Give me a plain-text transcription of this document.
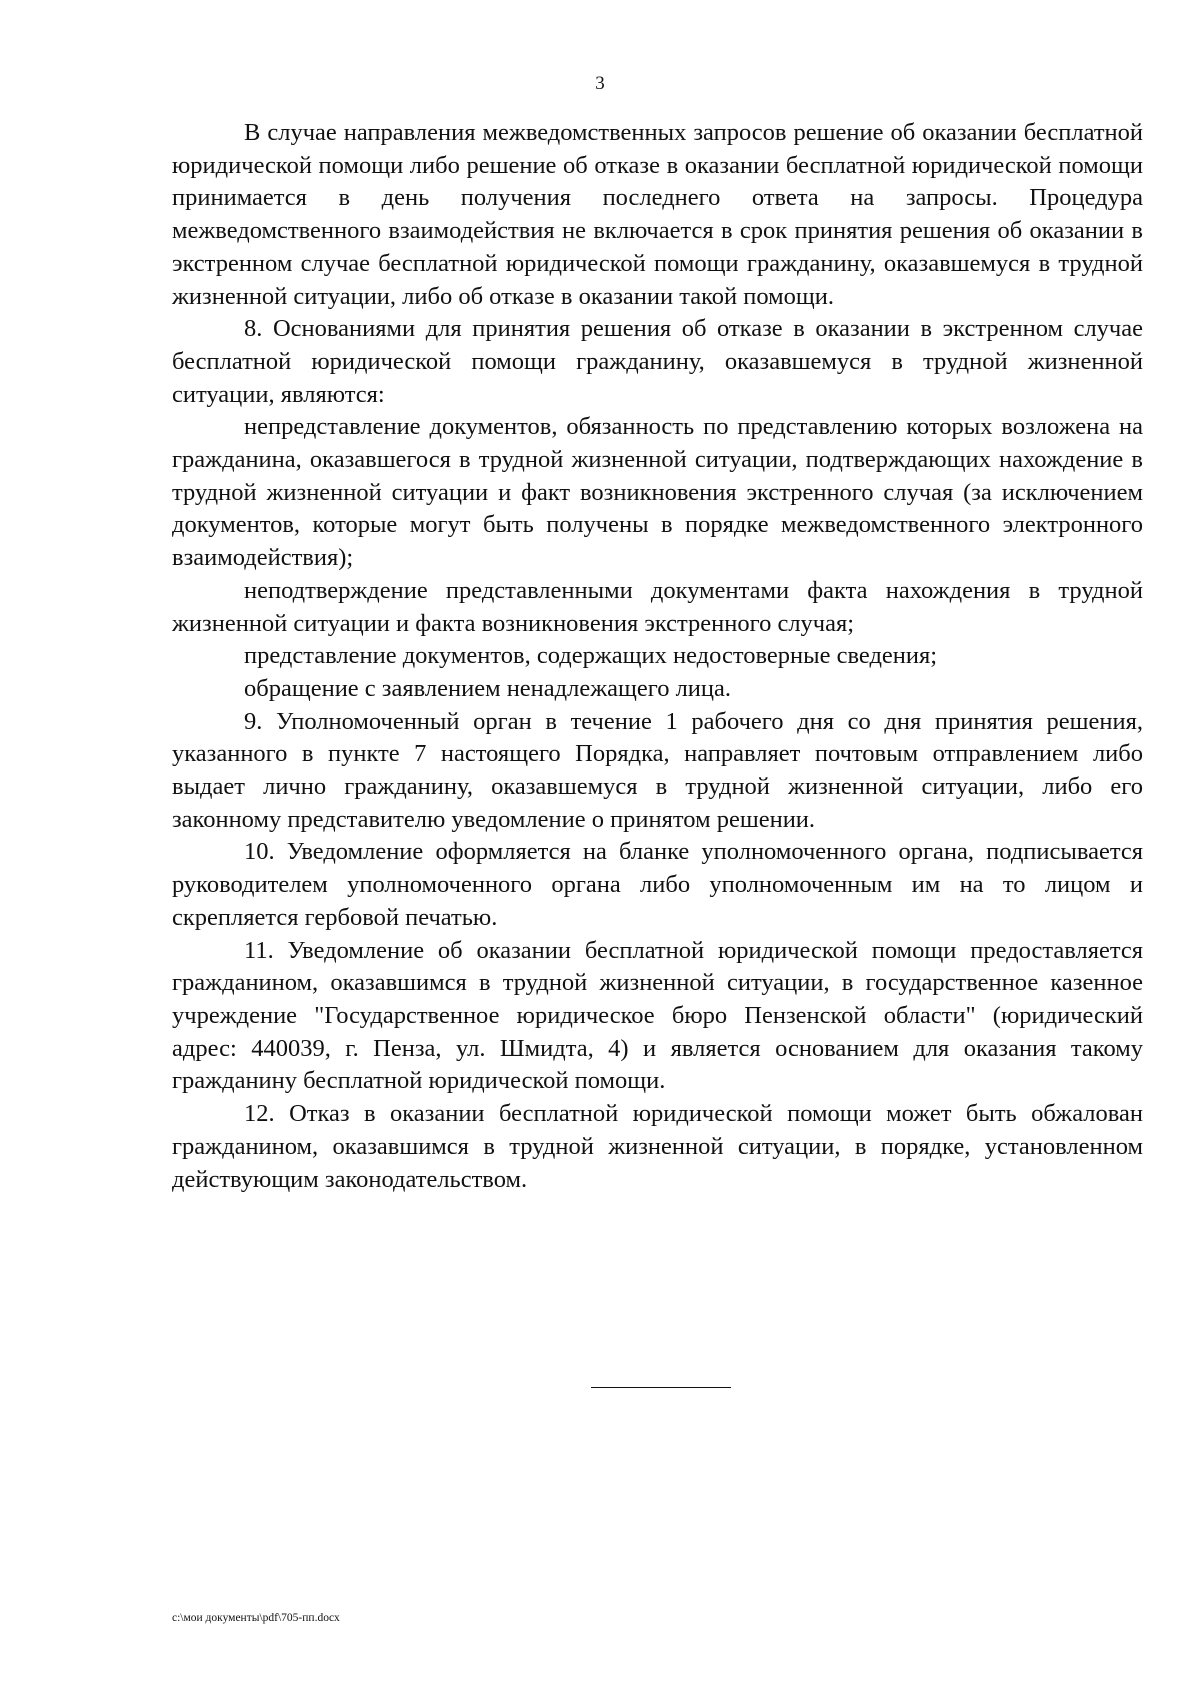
3

В случае направления межведомственных запросов решение об оказании бесплатной юридической помощи либо решение об отказе в оказании бесплатной юридической помощи принимается в день получения последнего ответа на запросы. Процедура межведомственного взаимодействия не включается в срок принятия решения об оказании в экстренном случае бесплатной юридической помощи гражданину, оказавшемуся в трудной жизненной ситуации, либо об отказе в оказании такой помощи.

8. Основаниями для принятия решения об отказе в оказании в экстренном случае бесплатной юридической помощи гражданину, оказавшемуся в трудной жизненной ситуации, являются:

непредставление документов, обязанность по представлению которых возложена на гражданина, оказавшегося в трудной жизненной ситуации, подтверждающих нахождение в трудной жизненной ситуации и факт возникновения экстренного случая (за исключением документов, которые могут быть получены в порядке межведомственного электронного взаимодействия);

неподтверждение представленными документами факта нахождения в трудной жизненной ситуации и факта возникновения экстренного случая;

представление документов, содержащих недостоверные сведения;

обращение с заявлением ненадлежащего лица.

9. Уполномоченный орган в течение 1 рабочего дня со дня принятия решения, указанного в пункте 7 настоящего Порядка, направляет почтовым отправлением либо выдает лично гражданину, оказавшемуся в трудной жизненной ситуации, либо его законному представителю уведомление о принятом решении.

10. Уведомление оформляется на бланке уполномоченного органа, подписывается руководителем уполномоченного органа либо уполномоченным им на то лицом и скрепляется гербовой печатью.

11. Уведомление об оказании бесплатной юридической помощи предоставляется гражданином, оказавшимся в трудной жизненной ситуации, в государственное казенное учреждение "Государственное юридическое бюро Пензенской области" (юридический адрес: 440039, г. Пенза, ул. Шмидта, 4) и является основанием для оказания такому гражданину бесплатной юридической помощи.

12. Отказ в оказании бесплатной юридической помощи может быть обжалован гражданином, оказавшимся в трудной жизненной ситуации, в порядке, установленном действующим законодательством.

c:\мои документы\pdf\705-пп.docx
